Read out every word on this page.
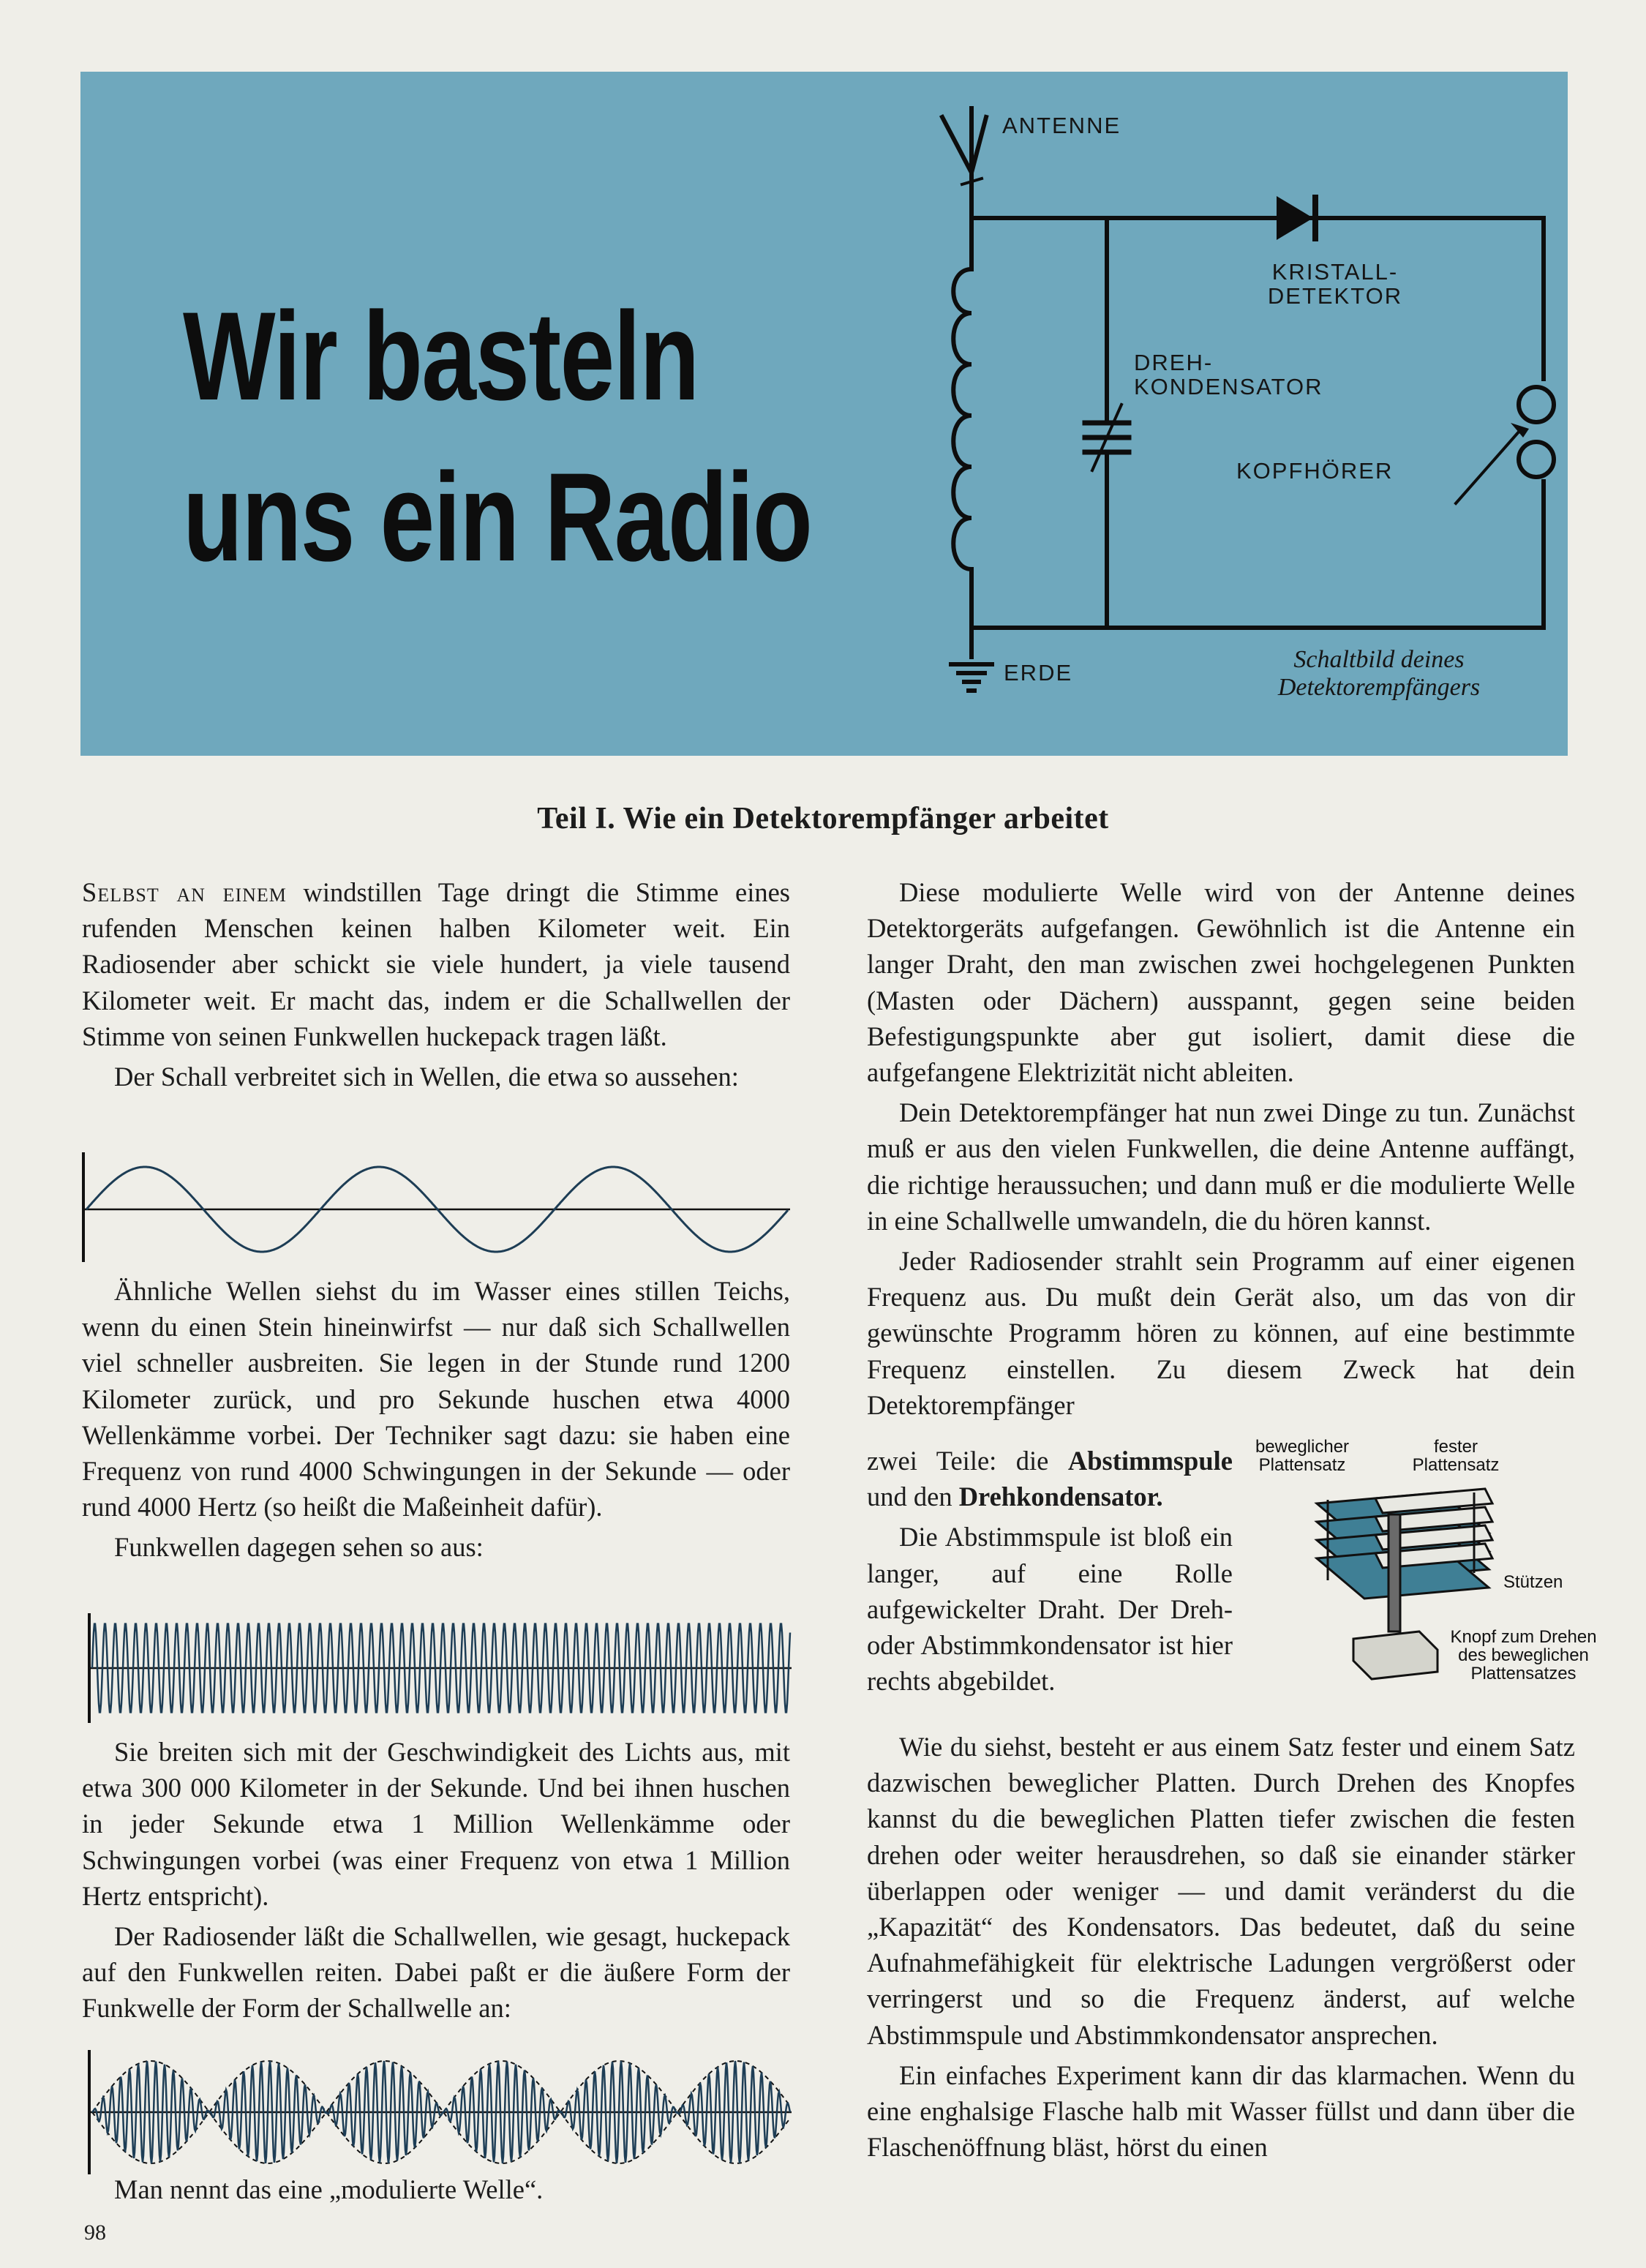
Wir basteln
uns ein Radio
ANTENNE
KRISTALL-
DETEKTOR
DREH-
KONDENSATOR
KOPFHÖRER
ERDE	Schaltbild deines
Detektorempfängers
Teil I. Wie ein Detektorempfänger arbeitet

Selbst an einem windstillen Tage dringt die Stimme eines rufenden Menschen keinen halben Kilometer weit. Ein Radiosender aber schickt sie viele hundert, ja viele tausend Kilometer weit. Er macht das, indem er die Schallwellen der Stimme von seinen Funkwellen huckepack tragen läßt.

Der Schall verbreitet sich in Wellen, die etwa so aussehen:

Ähnliche Wellen siehst du im Wasser eines stillen Teichs, wenn du einen Stein hineinwirfst — nur daß sich Schallwellen viel schneller ausbreiten. Sie legen in der Stunde rund 1200 Kilometer zurück, und pro Sekunde huschen etwa 4000 Wellenkämme vorbei. Der Techniker sagt dazu: sie haben eine Frequenz von rund 4000 Schwingungen in der Sekunde — oder rund 4000 Hertz (so heißt die Maßeinheit dafür).

Funkwellen dagegen sehen so aus:

Sie breiten sich mit der Geschwindigkeit des Lichts aus, mit etwa 300 000 Kilometer in der Sekunde. Und bei ihnen huschen in jeder Sekunde etwa 1 Million Wellenkämme oder Schwingungen vorbei (was einer Frequenz von etwa 1 Million Hertz entspricht).

Der Radiosender läßt die Schallwellen, wie gesagt, huckepack auf den Funkwellen reiten. Dabei paßt er die äußere Form der Funkwelle der Form der Schallwelle an:

Man nennt das eine „modulierte Welle“.

Diese modulierte Welle wird von der Antenne deines Detektorgeräts aufgefangen. Gewöhnlich ist die Antenne ein langer Draht, den man zwischen zwei hochgelegenen Punkten (Masten oder Dächern) ausspannt, gegen seine beiden Befestigungspunkte aber gut isoliert, damit diese die aufgefangene Elektrizität nicht ableiten.

Dein Detektorempfänger hat nun zwei Dinge zu tun. Zunächst muß er aus den vielen Funkwellen, die deine Antenne auffängt, die richtige heraussuchen; und dann muß er die modulierte Welle in eine Schallwelle umwandeln, die du hören kannst.

Jeder Radiosender strahlt sein Programm auf einer eigenen Frequenz aus. Du mußt dein Gerät also, um das von dir gewünschte Programm hören zu können, auf eine bestimmte Frequenz einstellen. Zu diesem Zweck hat dein Detektorempfänger

zwei Teile: die Abstimmspule und den Drehkondensator.

Die Abstimmspule ist bloß ein langer, auf eine Rolle aufgewickelter Draht. Der Dreh- oder Abstimmkondensator ist hier rechts abgebildet.

beweglicher
Plattensatz
fester
Plattensatz
Stützen
Knopf zum Drehen
des beweglichen
Plattensatzes

Wie du siehst, besteht er aus einem Satz fester und einem Satz dazwischen beweglicher Platten. Durch Drehen des Knopfes kannst du die beweglichen Platten tiefer zwischen die festen drehen oder weiter herausdrehen, so daß sie einander stärker überlappen oder weniger — und damit veränderst du die „Kapazität“ des Kondensators. Das bedeutet, daß du seine Aufnahmefähigkeit für elektrische Ladungen vergrößerst oder verringerst und so die Frequenz änderst, auf welche Abstimmspule und Abstimmkondensator ansprechen.

Ein einfaches Experiment kann dir das klarmachen. Wenn du eine enghalsige Flasche halb mit Wasser füllst und dann über die Flaschenöffnung bläst, hörst du einen

98
